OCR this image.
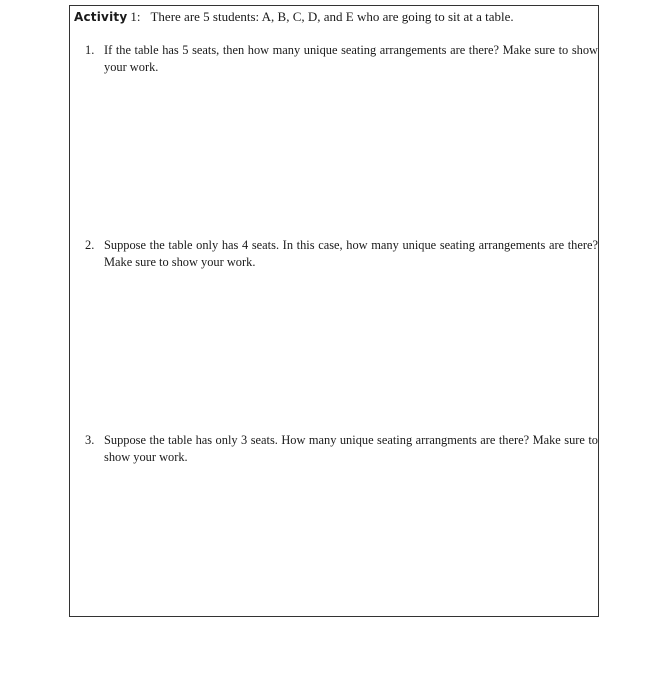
Activity 1: There are 5 students: A, B, C, D, and E who are going to sit at a table.
1. If the table has 5 seats, then how many unique seating arrangements are there? Make sure to show your work.
2. Suppose the table only has 4 seats. In this case, how many unique seating arrangements are there? Make sure to show your work.
3. Suppose the table has only 3 seats. How many unique seating arrangments are there? Make sure to show your work.
